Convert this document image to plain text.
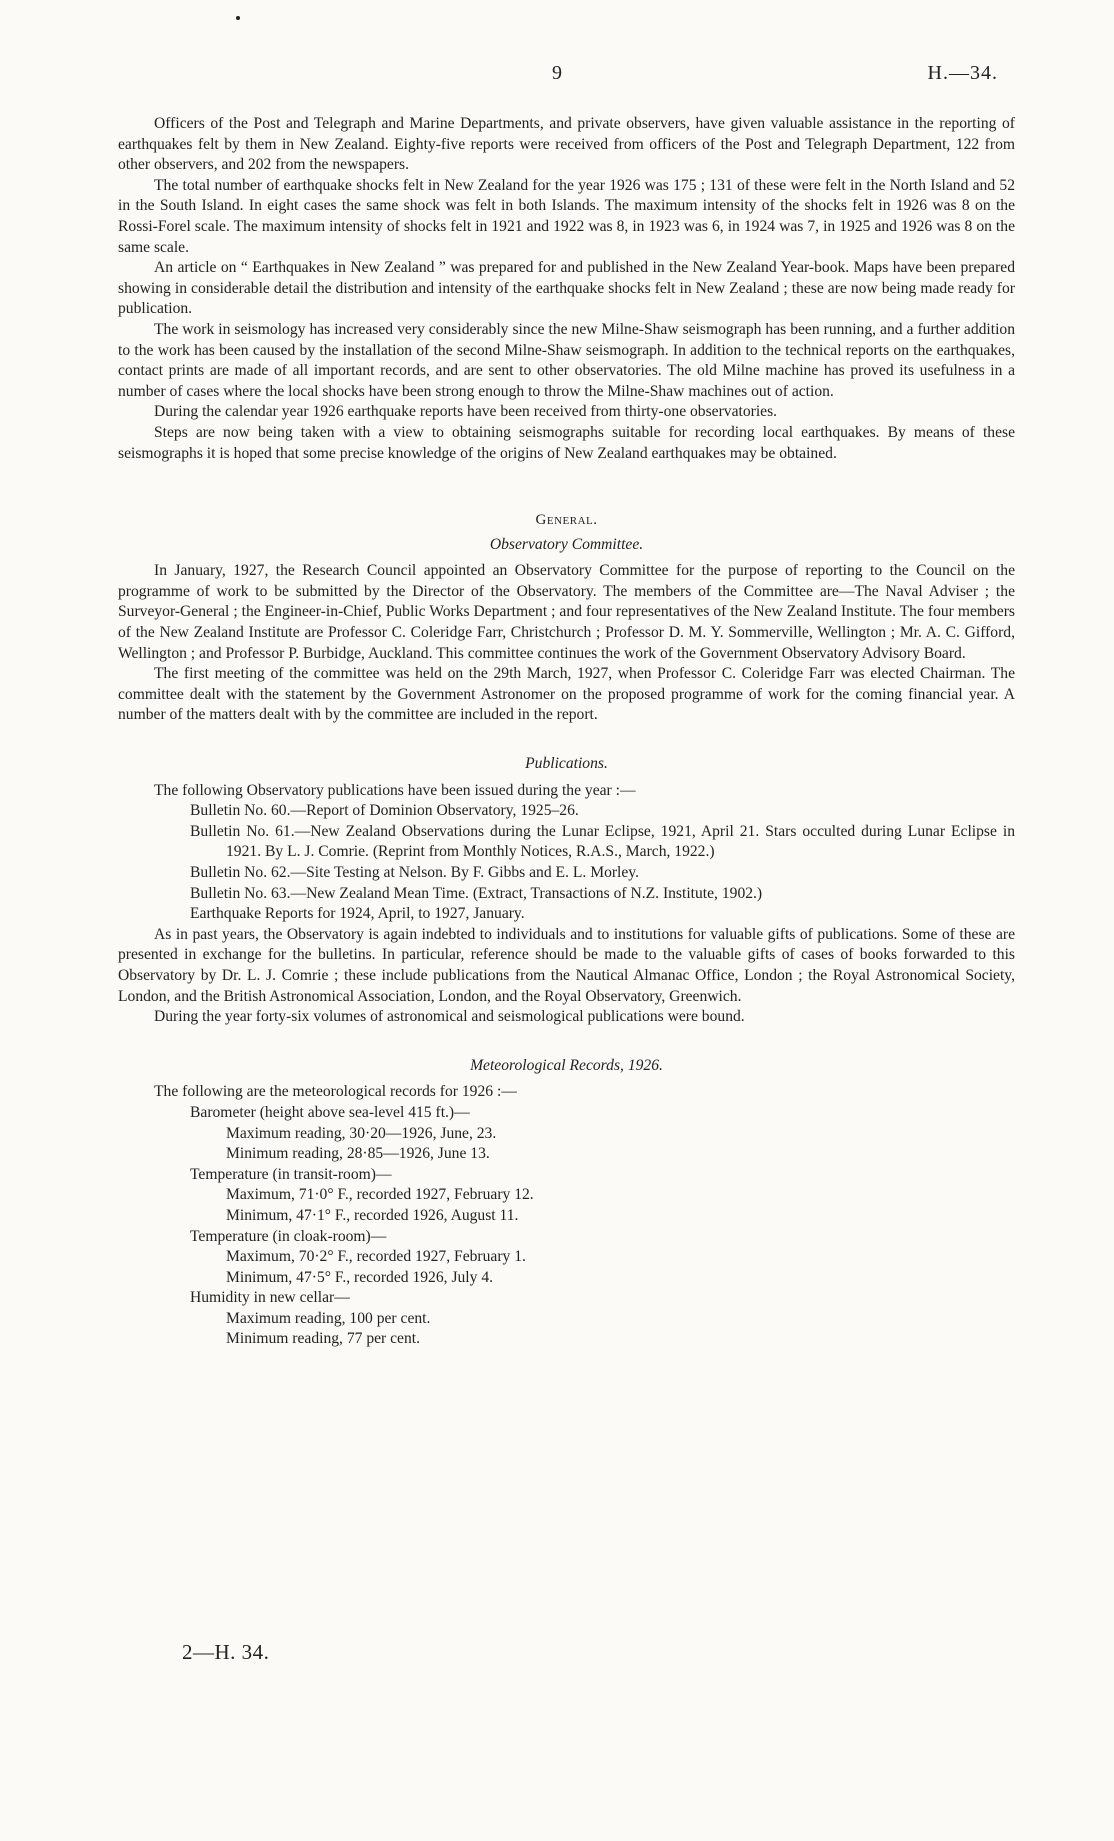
9	H.—34.

Officers of the Post and Telegraph and Marine Departments, and private observers, have given valuable assistance in the reporting of earthquakes felt by them in New Zealand. Eighty-five reports were received from officers of the Post and Telegraph Department, 122 from other observers, and 202 from the newspapers.

The total number of earthquake shocks felt in New Zealand for the year 1926 was 175 ; 131 of these were felt in the North Island and 52 in the South Island. In eight cases the same shock was felt in both Islands. The maximum intensity of the shocks felt in 1926 was 8 on the Rossi-Forel scale. The maximum intensity of shocks felt in 1921 and 1922 was 8, in 1923 was 6, in 1924 was 7, in 1925 and 1926 was 8 on the same scale.

An article on “ Earthquakes in New Zealand ” was prepared for and published in the New Zealand Year-book. Maps have been prepared showing in considerable detail the distribution and intensity of the earthquake shocks felt in New Zealand ; these are now being made ready for publication.

The work in seismology has increased very considerably since the new Milne-Shaw seismograph has been running, and a further addition to the work has been caused by the installation of the second Milne-Shaw seismograph. In addition to the technical reports on the earthquakes, contact prints are made of all important records, and are sent to other observatories. The old Milne machine has proved its usefulness in a number of cases where the local shocks have been strong enough to throw the Milne-Shaw machines out of action.

During the calendar year 1926 earthquake reports have been received from thirty-one observatories.

Steps are now being taken with a view to obtaining seismographs suitable for recording local earthquakes. By means of these seismographs it is hoped that some precise knowledge of the origins of New Zealand earthquakes may be obtained.

General.
Observatory Committee.

In January, 1927, the Research Council appointed an Observatory Committee for the purpose of reporting to the Council on the programme of work to be submitted by the Director of the Observatory. The members of the Committee are—The Naval Adviser ; the Surveyor-General ; the Engineer-in-Chief, Public Works Department ; and four representatives of the New Zealand Institute. The four members of the New Zealand Institute are Professor C. Coleridge Farr, Christchurch ; Professor D. M. Y. Sommerville, Wellington ; Mr. A. C. Gifford, Wellington ; and Professor P. Burbidge, Auckland. This committee continues the work of the Government Observatory Advisory Board.

The first meeting of the committee was held on the 29th March, 1927, when Professor C. Coleridge Farr was elected Chairman. The committee dealt with the statement by the Government Astronomer on the proposed programme of work for the coming financial year. A number of the matters dealt with by the committee are included in the report.

Publications.

The following Observatory publications have been issued during the year :—

Bulletin No. 60.—Report of Dominion Observatory, 1925–26.
Bulletin No. 61.—New Zealand Observations during the Lunar Eclipse, 1921, April 21. Stars occulted during Lunar Eclipse in 1921. By L. J. Comrie. (Reprint from Monthly Notices, R.A.S., March, 1922.)
Bulletin No. 62.—Site Testing at Nelson. By F. Gibbs and E. L. Morley.
Bulletin No. 63.—New Zealand Mean Time. (Extract, Transactions of N.Z. Institute, 1902.)
Earthquake Reports for 1924, April, to 1927, January.

As in past years, the Observatory is again indebted to individuals and to institutions for valuable gifts of publications. Some of these are presented in exchange for the bulletins. In particular, reference should be made to the valuable gifts of cases of books forwarded to this Observatory by Dr. L. J. Comrie ; these include publications from the Nautical Almanac Office, London ; the Royal Astronomical Society, London, and the British Astronomical Association, London, and the Royal Observatory, Greenwich.

During the year forty-six volumes of astronomical and seismological publications were bound.

Meteorological Records, 1926.

The following are the meteorological records for 1926 :—

Barometer (height above sea-level 415 ft.)—
Maximum reading, 30·20—1926, June, 23.
Minimum reading, 28·85—1926, June 13.
Temperature (in transit-room)—
Maximum, 71·0° F., recorded 1927, February 12.
Minimum, 47·1° F., recorded 1926, August 11.
Temperature (in cloak-room)—
Maximum, 70·2° F., recorded 1927, February 1.
Minimum, 47·5° F., recorded 1926, July 4.
Humidity in new cellar—
Maximum reading, 100 per cent.
Minimum reading, 77 per cent.
2—H. 34.
